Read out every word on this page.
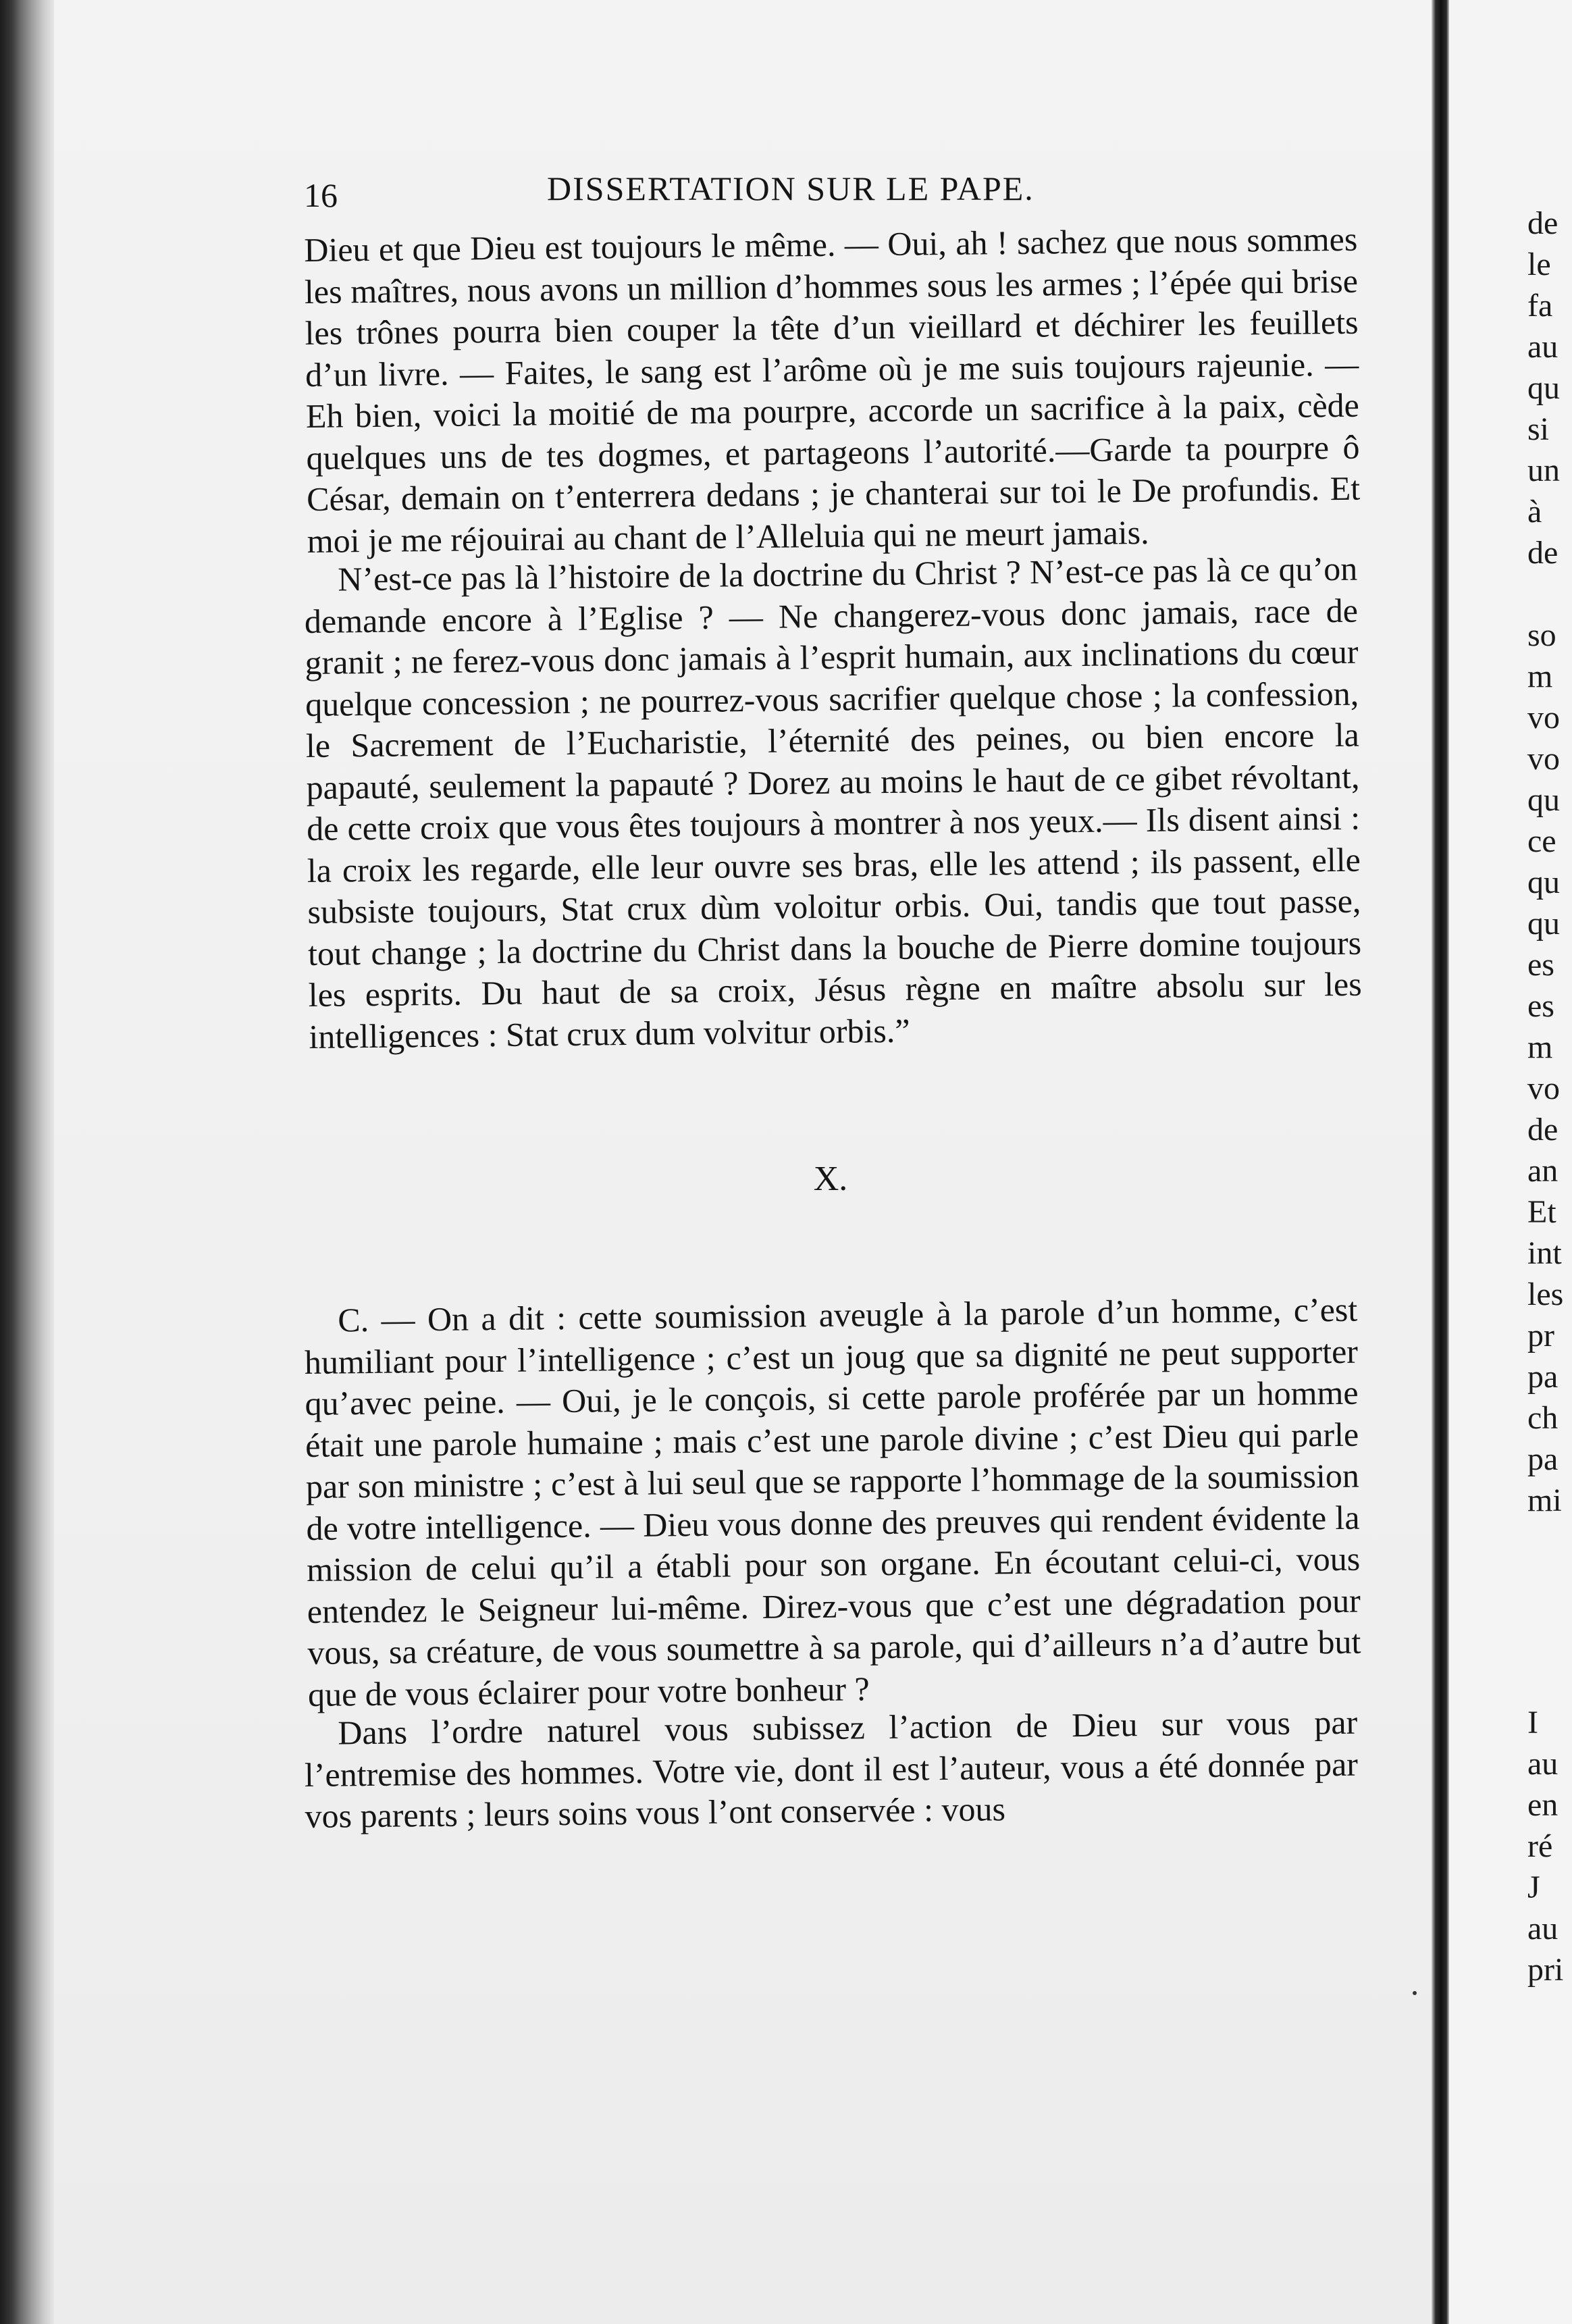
16	DISSERTATION SUR LE PAPE.

Dieu et que Dieu est toujours le même. — Oui, ah ! sachez que nous sommes les maîtres, nous avons un million d’hommes sous les armes ; l’épée qui brise les trônes pourra bien couper la tête d’un vieillard et déchirer les feuillets d’un livre. — Faites, le sang est l’arôme où je me suis toujours rajeunie. — Eh bien, voici la moitié de ma pourpre, accorde un sacrifice à la paix, cède quelques uns de tes dogmes, et partageons l’autorité.—Garde ta pourpre ô César, demain on t’enterrera dedans ; je chanterai sur toi le De profundis. Et moi je me réjouirai au chant de l’Alleluia qui ne meurt jamais.

N’est-ce pas là l’histoire de la doctrine du Christ ? N’est-ce pas là ce qu’on demande encore à l’Eglise ? — Ne changerez-vous donc jamais, race de granit ; ne ferez-vous donc jamais à l’esprit humain, aux inclinations du cœur quelque concession ; ne pourrez-vous sacrifier quelque chose ; la confession, le Sacrement de l’Eucharistie, l’éternité des peines, ou bien encore la papauté, seulement la papauté ? Dorez au moins le haut de ce gibet révoltant, de cette croix que vous êtes toujours à montrer à nos yeux.— Ils disent ainsi : la croix les regarde, elle leur ouvre ses bras, elle les attend ; ils passent, elle subsiste toujours, Stat crux dùm voloitur orbis. Oui, tandis que tout passe, tout change ; la doctrine du Christ dans la bouche de Pierre domine toujours les esprits. Du haut de sa croix, Jésus règne en maître absolu sur les intelligences : Stat crux dum volvitur orbis.”

X.

C. — On a dit : cette soumission aveugle à la parole d’un homme, c’est humiliant pour l’intelligence ; c’est un joug que sa dignité ne peut supporter qu’avec peine. — Oui, je le conçois, si cette parole proférée par un homme était une parole humaine ; mais c’est une parole divine ; c’est Dieu qui parle par son ministre ; c’est à lui seul que se rapporte l’hommage de la soumission de votre intelligence. — Dieu vous donne des preuves qui rendent évidente la mission de celui qu’il a établi pour son organe. En écoutant celui-ci, vous entendez le Seigneur lui-même. Direz-vous que c’est une dégradation pour vous, sa créature, de vous soumettre à sa parole, qui d’ailleurs n’a d’autre but que de vous éclairer pour votre bonheur ?

Dans l’ordre naturel vous subissez l’action de Dieu sur vous par l’entremise des hommes. Votre vie, dont il est l’auteur, vous a été donnée par vos parents ; leurs soins vous l’ont conservée : vous

de
le
fa
au
qu
si
un
à
de

so
m
vo
vo
qu
ce
qu
qu
es
es
m
vo
de
an
Et
int
les
pr
pa
ch
pa
mi
I
au
en
ré
J
au
pri
